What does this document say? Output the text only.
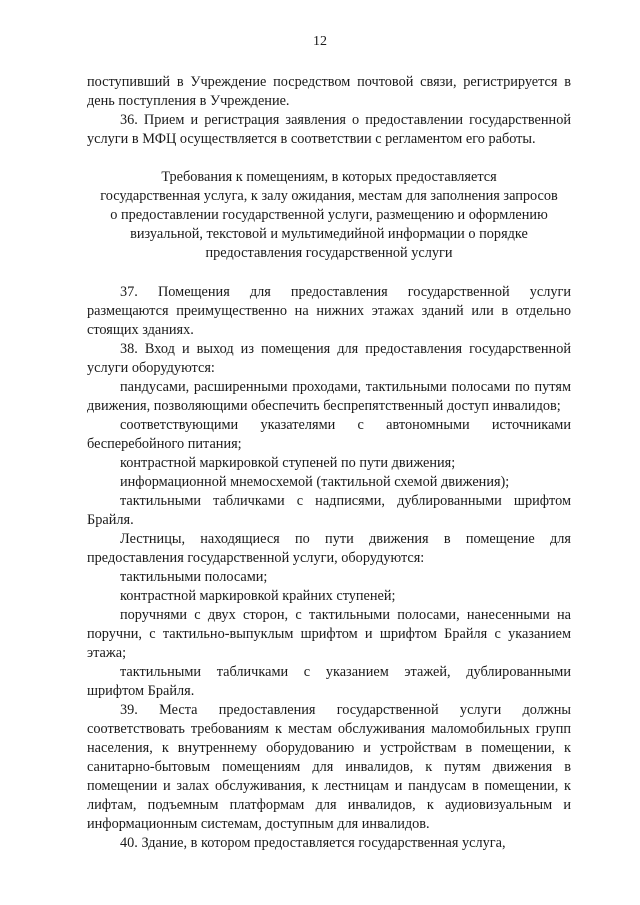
12

поступивший в Учреждение посредством почтовой связи, регистрируется в день поступления в Учреждение.

36. Прием и регистрация заявления о предоставлении государственной услуги в МФЦ осуществляется в соответствии с регламентом его работы.

Требования к помещениям, в которых предоставляется
государственная услуга, к залу ожидания, местам для заполнения запросов
о предоставлении государственной услуги, размещению и оформлению
визуальной, текстовой и мультимедийной информации о порядке
предоставления государственной услуги

37. Помещения для предоставления государственной услуги размещаются преимущественно на нижних этажах зданий или в отдельно стоящих зданиях.

38. Вход и выход из помещения для предоставления государственной услуги оборудуются:

пандусами, расширенными проходами, тактильными полосами по путям движения, позволяющими обеспечить беспрепятственный доступ инвалидов;

соответствующими указателями с автономными источниками бесперебойного питания;

контрастной маркировкой ступеней по пути движения;

информационной мнемосхемой (тактильной схемой движения);

тактильными табличками с надписями, дублированными шрифтом Брайля.

Лестницы, находящиеся по пути движения в помещение для предоставления государственной услуги, оборудуются:

тактильными полосами;

контрастной маркировкой крайних ступеней;

поручнями с двух сторон, с тактильными полосами, нанесенными на поручни, с тактильно-выпуклым шрифтом и шрифтом Брайля с указанием этажа;

тактильными табличками с указанием этажей, дублированными шрифтом Брайля.

39. Места предоставления государственной услуги должны соответствовать требованиям к местам обслуживания маломобильных групп населения, к внутреннему оборудованию и устройствам в помещении, к санитарно-бытовым помещениям для инвалидов, к путям движения в помещении и залах обслуживания, к лестницам и пандусам в помещении, к лифтам, подъемным платформам для инвалидов, к аудиовизуальным и информационным системам, доступным для инвалидов.

40. Здание, в котором предоставляется государственная услуга,
